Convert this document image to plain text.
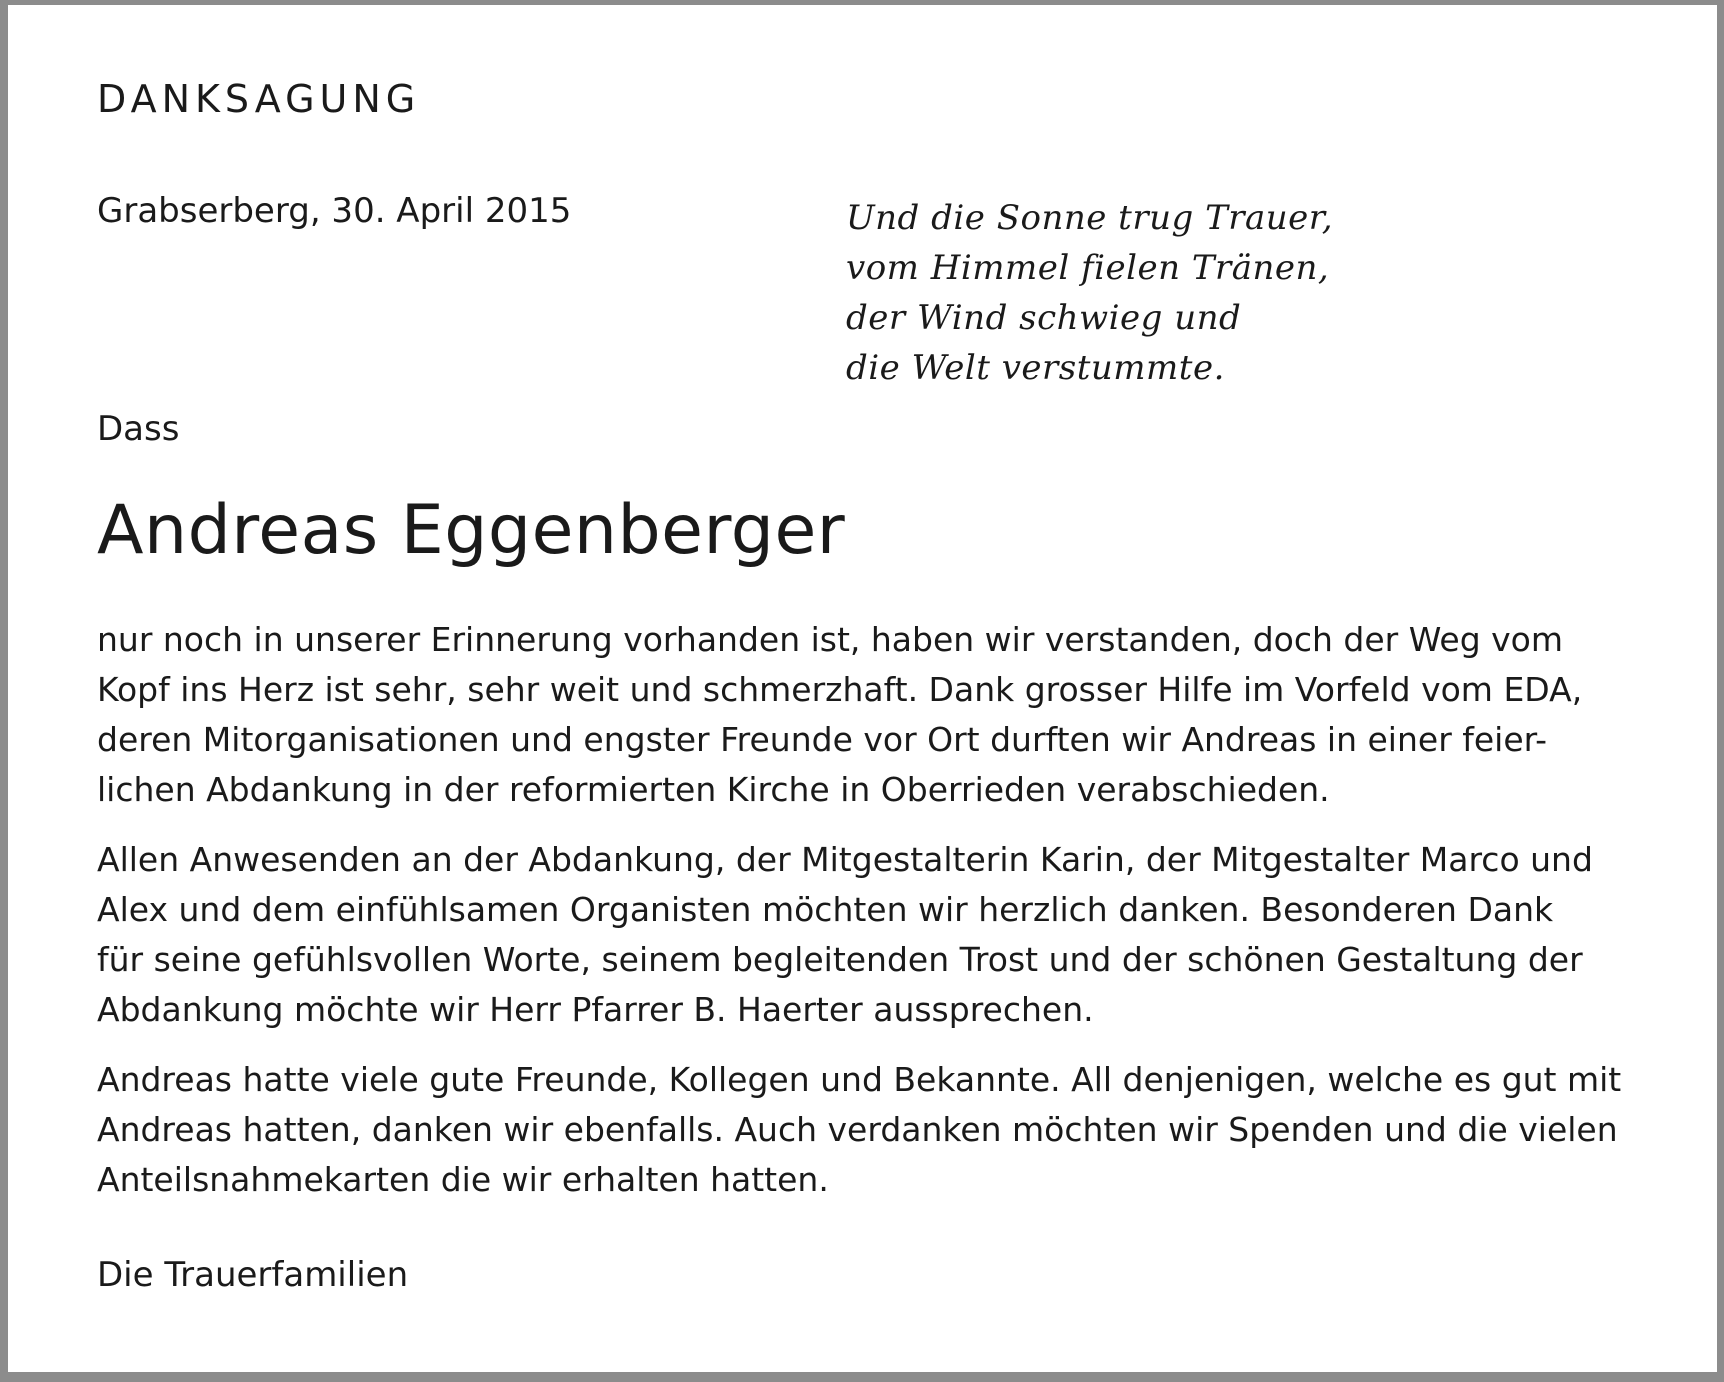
DANKSAGUNG
Grabserberg, 30. April 2015	Und die Sonne trug Trauer,
vom Himmel fielen Tränen,
der Wind schwieg und
die Welt verstummte.
Dass
Andreas Eggenberger

nur noch in unserer Erinnerung vorhanden ist, haben wir verstanden, doch der Weg vom
Kopf ins Herz ist sehr, sehr weit und schmerzhaft. Dank grosser Hilfe im Vorfeld vom EDA,
deren Mitorganisationen und engster Freunde vor Ort durften wir Andreas in einer feier-
lichen Abdankung in der reformierten Kirche in Oberrieden verabschieden.

Allen Anwesenden an der Abdankung, der Mitgestalterin Karin, der Mitgestalter Marco und
Alex und dem einfühlsamen Organisten möchten wir herzlich danken. Besonderen Dank
für seine gefühlsvollen Worte, seinem begleitenden Trost und der schönen Gestaltung der
Abdankung möchte wir Herr Pfarrer B. Haerter aussprechen.

Andreas hatte viele gute Freunde, Kollegen und Bekannte. All denjenigen, welche es gut mit
Andreas hatten, danken wir ebenfalls. Auch verdanken möchten wir Spenden und die vielen
Anteilsnahmekarten die wir erhalten hatten.

Die Trauerfamilien
